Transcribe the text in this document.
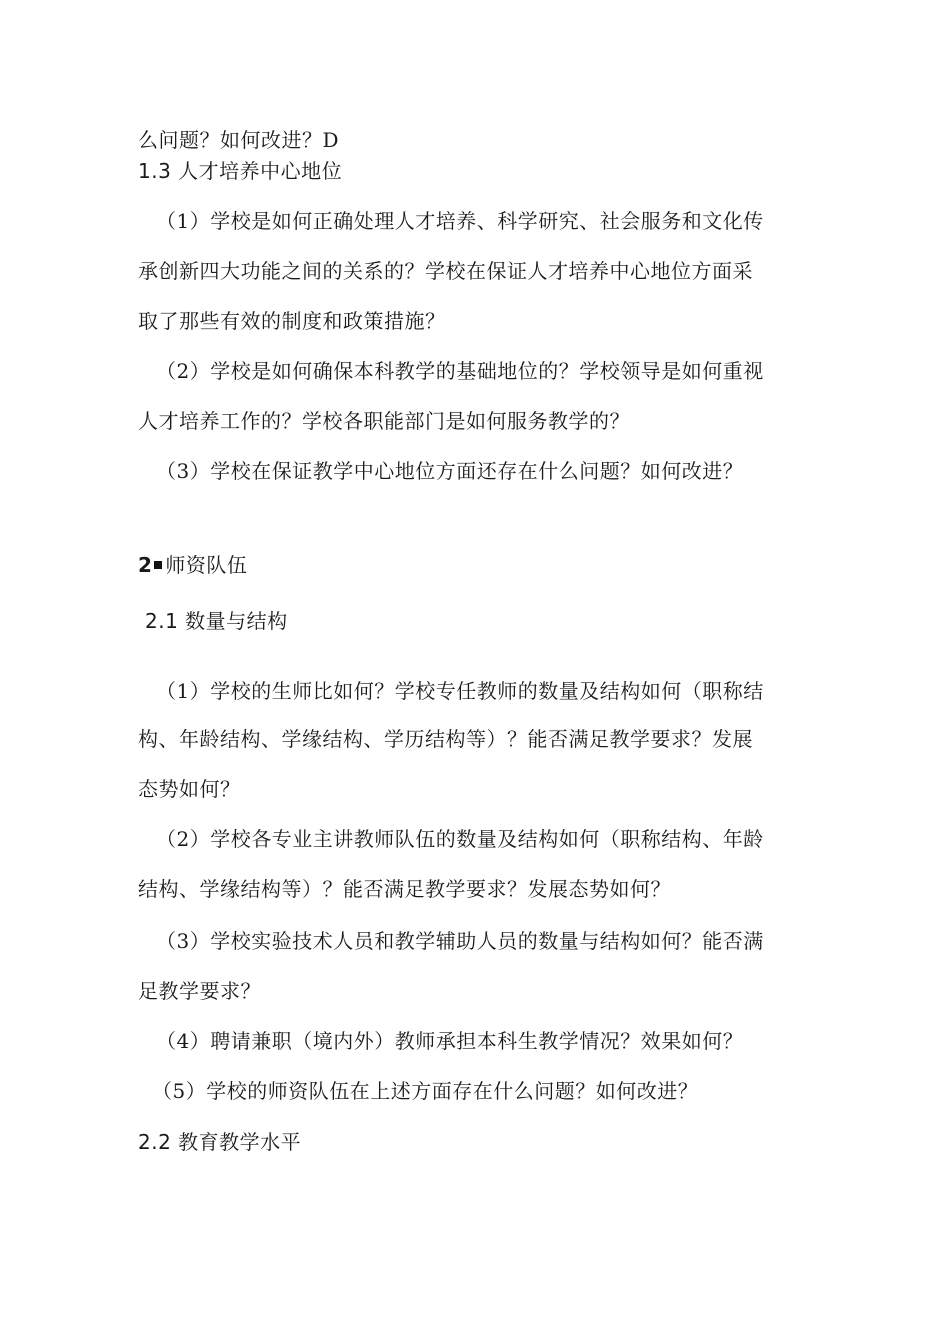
么问题？如何改进？D
1.3 人才培养中心地位
（1）学校是如何正确处理人才培养、科学研究、社会服务和文化传
承创新四大功能之间的关系的？学校在保证人才培养中心地位方面采
取了那些有效的制度和政策措施？
（2）学校是如何确保本科教学的基础地位的？学校领导是如何重视
人才培养工作的？学校各职能部门是如何服务教学的？
（3）学校在保证教学中心地位方面还存在什么问题？如何改进？
2 师资队伍
2.1 数量与结构
（1）学校的生师比如何？学校专任教师的数量及结构如何（职称结
构、年龄结构、学缘结构、学历结构等）？能否满足教学要求？发展
态势如何？
（2）学校各专业主讲教师队伍的数量及结构如何（职称结构、年龄
结构、学缘结构等）？能否满足教学要求？发展态势如何？
（3）学校实验技术人员和教学辅助人员的数量与结构如何？能否满
足教学要求？
（4）聘请兼职（境内外）教师承担本科生教学情况？效果如何？
（5）学校的师资队伍在上述方面存在什么问题？如何改进？
2.2 教育教学水平
